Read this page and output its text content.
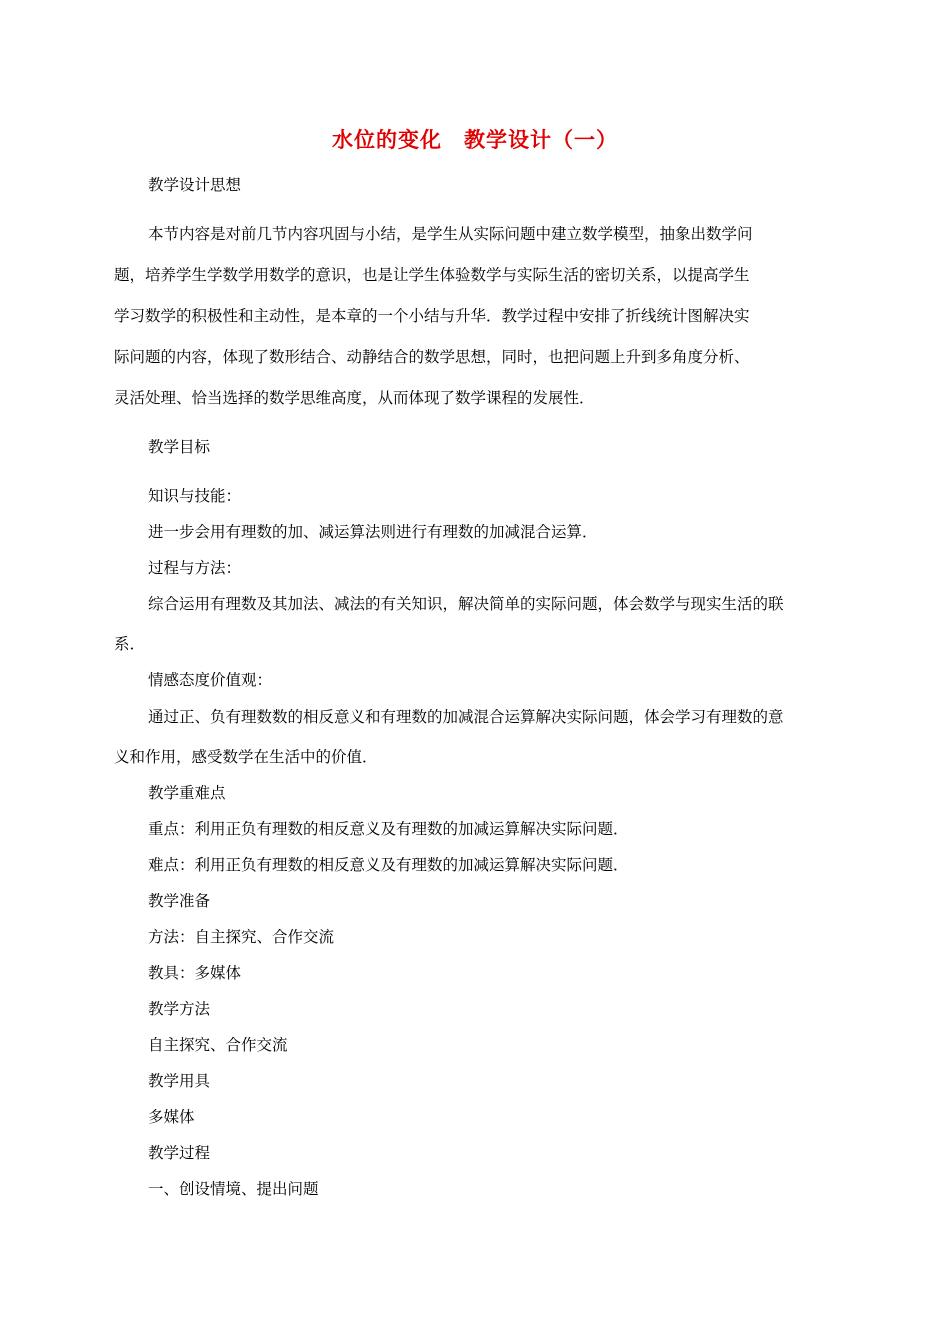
水位的变化　教学设计（一）
教学设计思想
本节内容是对前几节内容巩固与小结，是学生从实际问题中建立数学模型，抽象出数学问
题，培养学生学数学用数学的意识，也是让学生体验数学与实际生活的密切关系，以提高学生
学习数学的积极性和主动性，是本章的一个小结与升华．教学过程中安排了折线统计图解决实
际问题的内容，体现了数形结合、动静结合的数学思想，同时，也把问题上升到多角度分析、
灵活处理、恰当选择的数学思维高度，从而体现了数学课程的发展性．
教学目标
知识与技能：
进一步会用有理数的加、减运算法则进行有理数的加减混合运算．
过程与方法：
综合运用有理数及其加法、减法的有关知识，解决简单的实际问题，体会数学与现实生活的联
系．
情感态度价值观：
通过正、负有理数数的相反意义和有理数的加减混合运算解决实际问题，体会学习有理数的意
义和作用，感受数学在生活中的价值．
教学重难点
重点：利用正负有理数的相反意义及有理数的加减运算解决实际问题．
难点：利用正负有理数的相反意义及有理数的加减运算解决实际问题．
教学准备
方法：自主探究、合作交流
教具：多媒体
教学方法
自主探究、合作交流
教学用具
多媒体
教学过程
一、创设情境、提出问题
